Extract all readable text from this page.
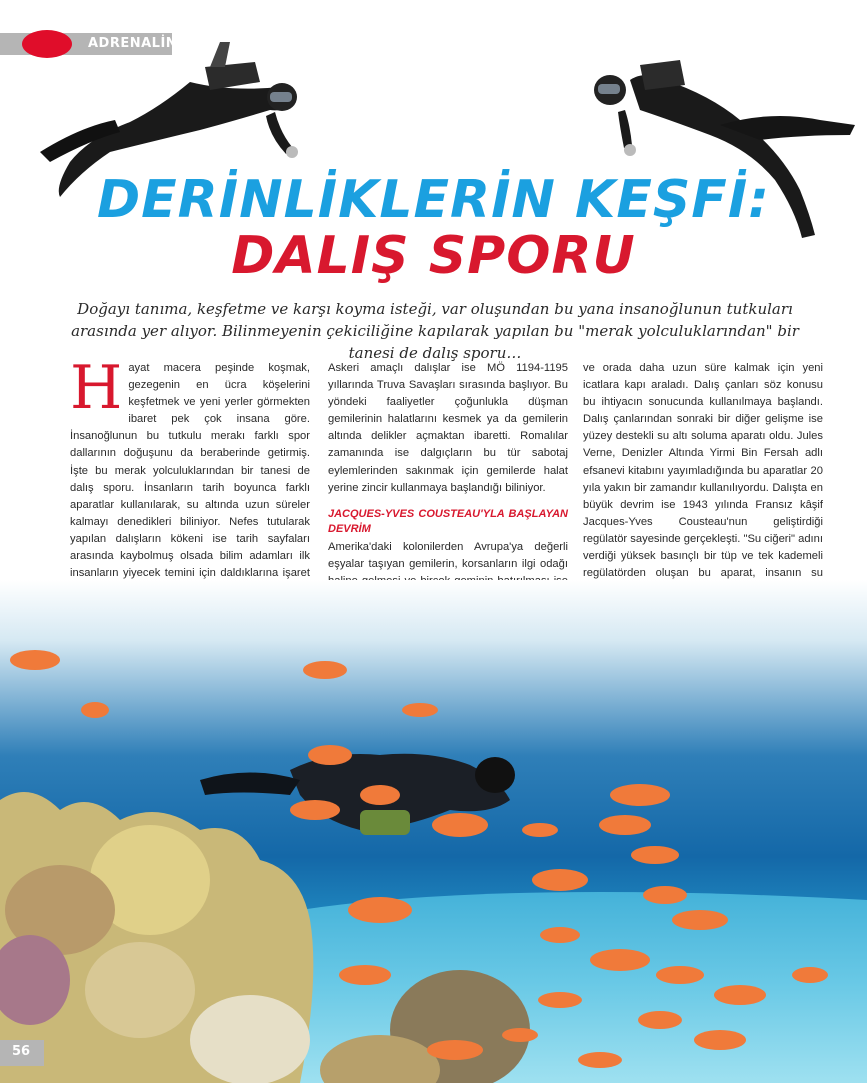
ADRENALİN
DERİNLİKLERİN KEŞFİ:
DALIŞ SPORU

Doğayı tanıma, keşfetme ve karşı koyma isteği, var oluşundan bu yana insanoğlunun tutkuları arasında yer alıyor. Bilinmeyenin çekiciliğine kapılarak yapılan bu "merak yolculuklarından" bir tanesi de dalış sporu…

Hayat macera peşinde koşmak, gezegenin en ücra köşelerini keşfetmek ve yeni yerler görmekten ibaret pek çok insana göre. İnsanoğlunun bu tutkulu merakı farklı spor dallarının doğuşunu da beraberinde getirmiş. İşte bu merak yolculuklarından bir tanesi de dalış sporu. İnsanların tarih boyunca farklı aparatlar kullanılarak, su altında uzun süreler kalmayı denedikleri biliniyor. Nefes tutularak yapılan dalışların kökeni ise tarih sayfaları arasında kaybolmuş olsada bilim adamları ilk insanların yiyecek temini için daldıklarına işaret
Askeri amaçlı dalışlar ise MÖ 1194-1195 yıllarında Truva Savaşları sırasında başlıyor. Bu yöndeki faaliyetler çoğunlukla düşman gemilerinin halatlarını kesmek ya da gemilerin altında delikler açmaktan ibaretti. Romalılar zamanında ise dalgıçların bu tür sabotaj eylemlerinden sakınmak için gemilerde halat yerine zincir kullanmaya başlandığı biliniyor.
JACQUES-YVES COUSTEAU'YLA BAŞLAYAN DEVRİM
Amerika'daki kolonilerden Avrupa'ya değerli eşyalar taşıyan gemilerin, korsanların ilgi odağı
ve orada daha uzun süre kalmak için yeni icatlara kapı araladı. Dalış çanları söz konusu bu ihtiyacın sonucunda kullanılmaya başlandı. Dalış çanlarından sonraki bir diğer gelişme ise yüzey destekli su altı soluma aparatı oldu. Jules Verne, Denizler Altında Yirmi Bin Fersah adlı efsanevi kitabını yayımladığında bu aparatlar 20 yıla yakın bir zamandır kullanılıyordu. Dalışta en büyük devrim ise 1943 yılında Fransız kâşif Jacques-Yves Cousteau'nun geliştirdiği regülatör sayesinde gerçekleşti. "Su ciğeri" adını verdiği yüksek basınçlı bir tüp ve tek kademeli regülatörden oluşan bu aparat, insanın su
56
